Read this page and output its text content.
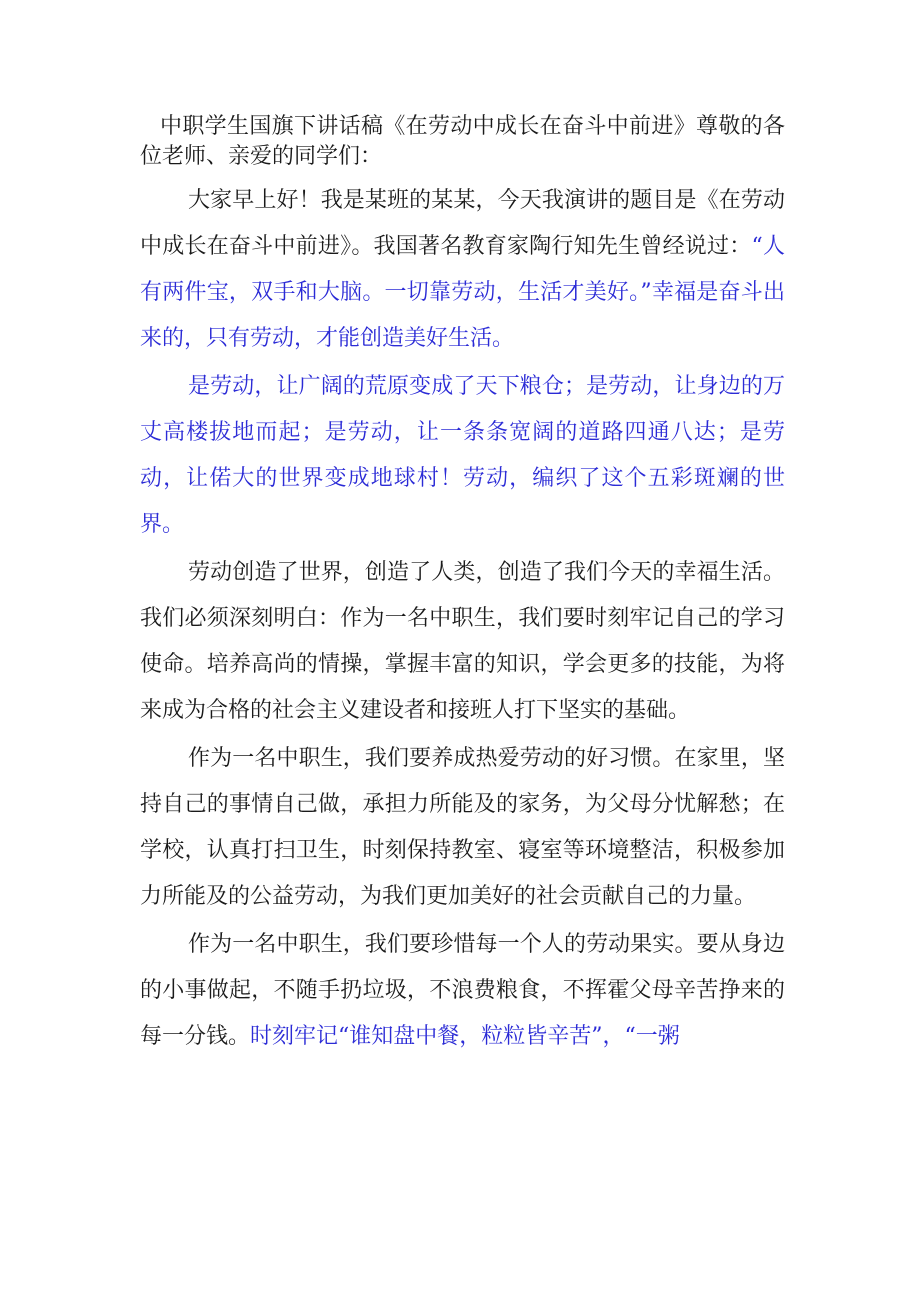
中职学生国旗下讲话稿《在劳动中成长在奋斗中前进》尊敬的各位老师、亲爱的同学们：

大家早上好！我是某班的某某，今天我演讲的题目是《在劳动中成长在奋斗中前进》。我国著名教育家陶行知先生曾经说过：“人有两件宝，双手和大脑。一切靠劳动，生活才美好。”幸福是奋斗出来的，只有劳动，才能创造美好生活。

是劳动，让广阔的荒原变成了天下粮仓；是劳动，让身边的万丈高楼拔地而起；是劳动，让一条条宽阔的道路四通八达；是劳动，让偌大的世界变成地球村！劳动，编织了这个五彩斑斓的世界。

劳动创造了世界，创造了人类，创造了我们今天的幸福生活。我们必须深刻明白：作为一名中职生，我们要时刻牢记自己的学习使命。培养高尚的情操，掌握丰富的知识，学会更多的技能，为将来成为合格的社会主义建设者和接班人打下坚实的基础。

作为一名中职生，我们要养成热爱劳动的好习惯。在家里，坚持自己的事情自己做，承担力所能及的家务，为父母分忧解愁；在学校，认真打扫卫生，时刻保持教室、寝室等环境整洁，积极参加力所能及的公益劳动，为我们更加美好的社会贡献自己的力量。

作为一名中职生，我们要珍惜每一个人的劳动果实。要从身边的小事做起，不随手扔垃圾，不浪费粮食，不挥霍父母辛苦挣来的每一分钱。时刻牢记“谁知盘中餐，粒粒皆辛苦”，“一粥
